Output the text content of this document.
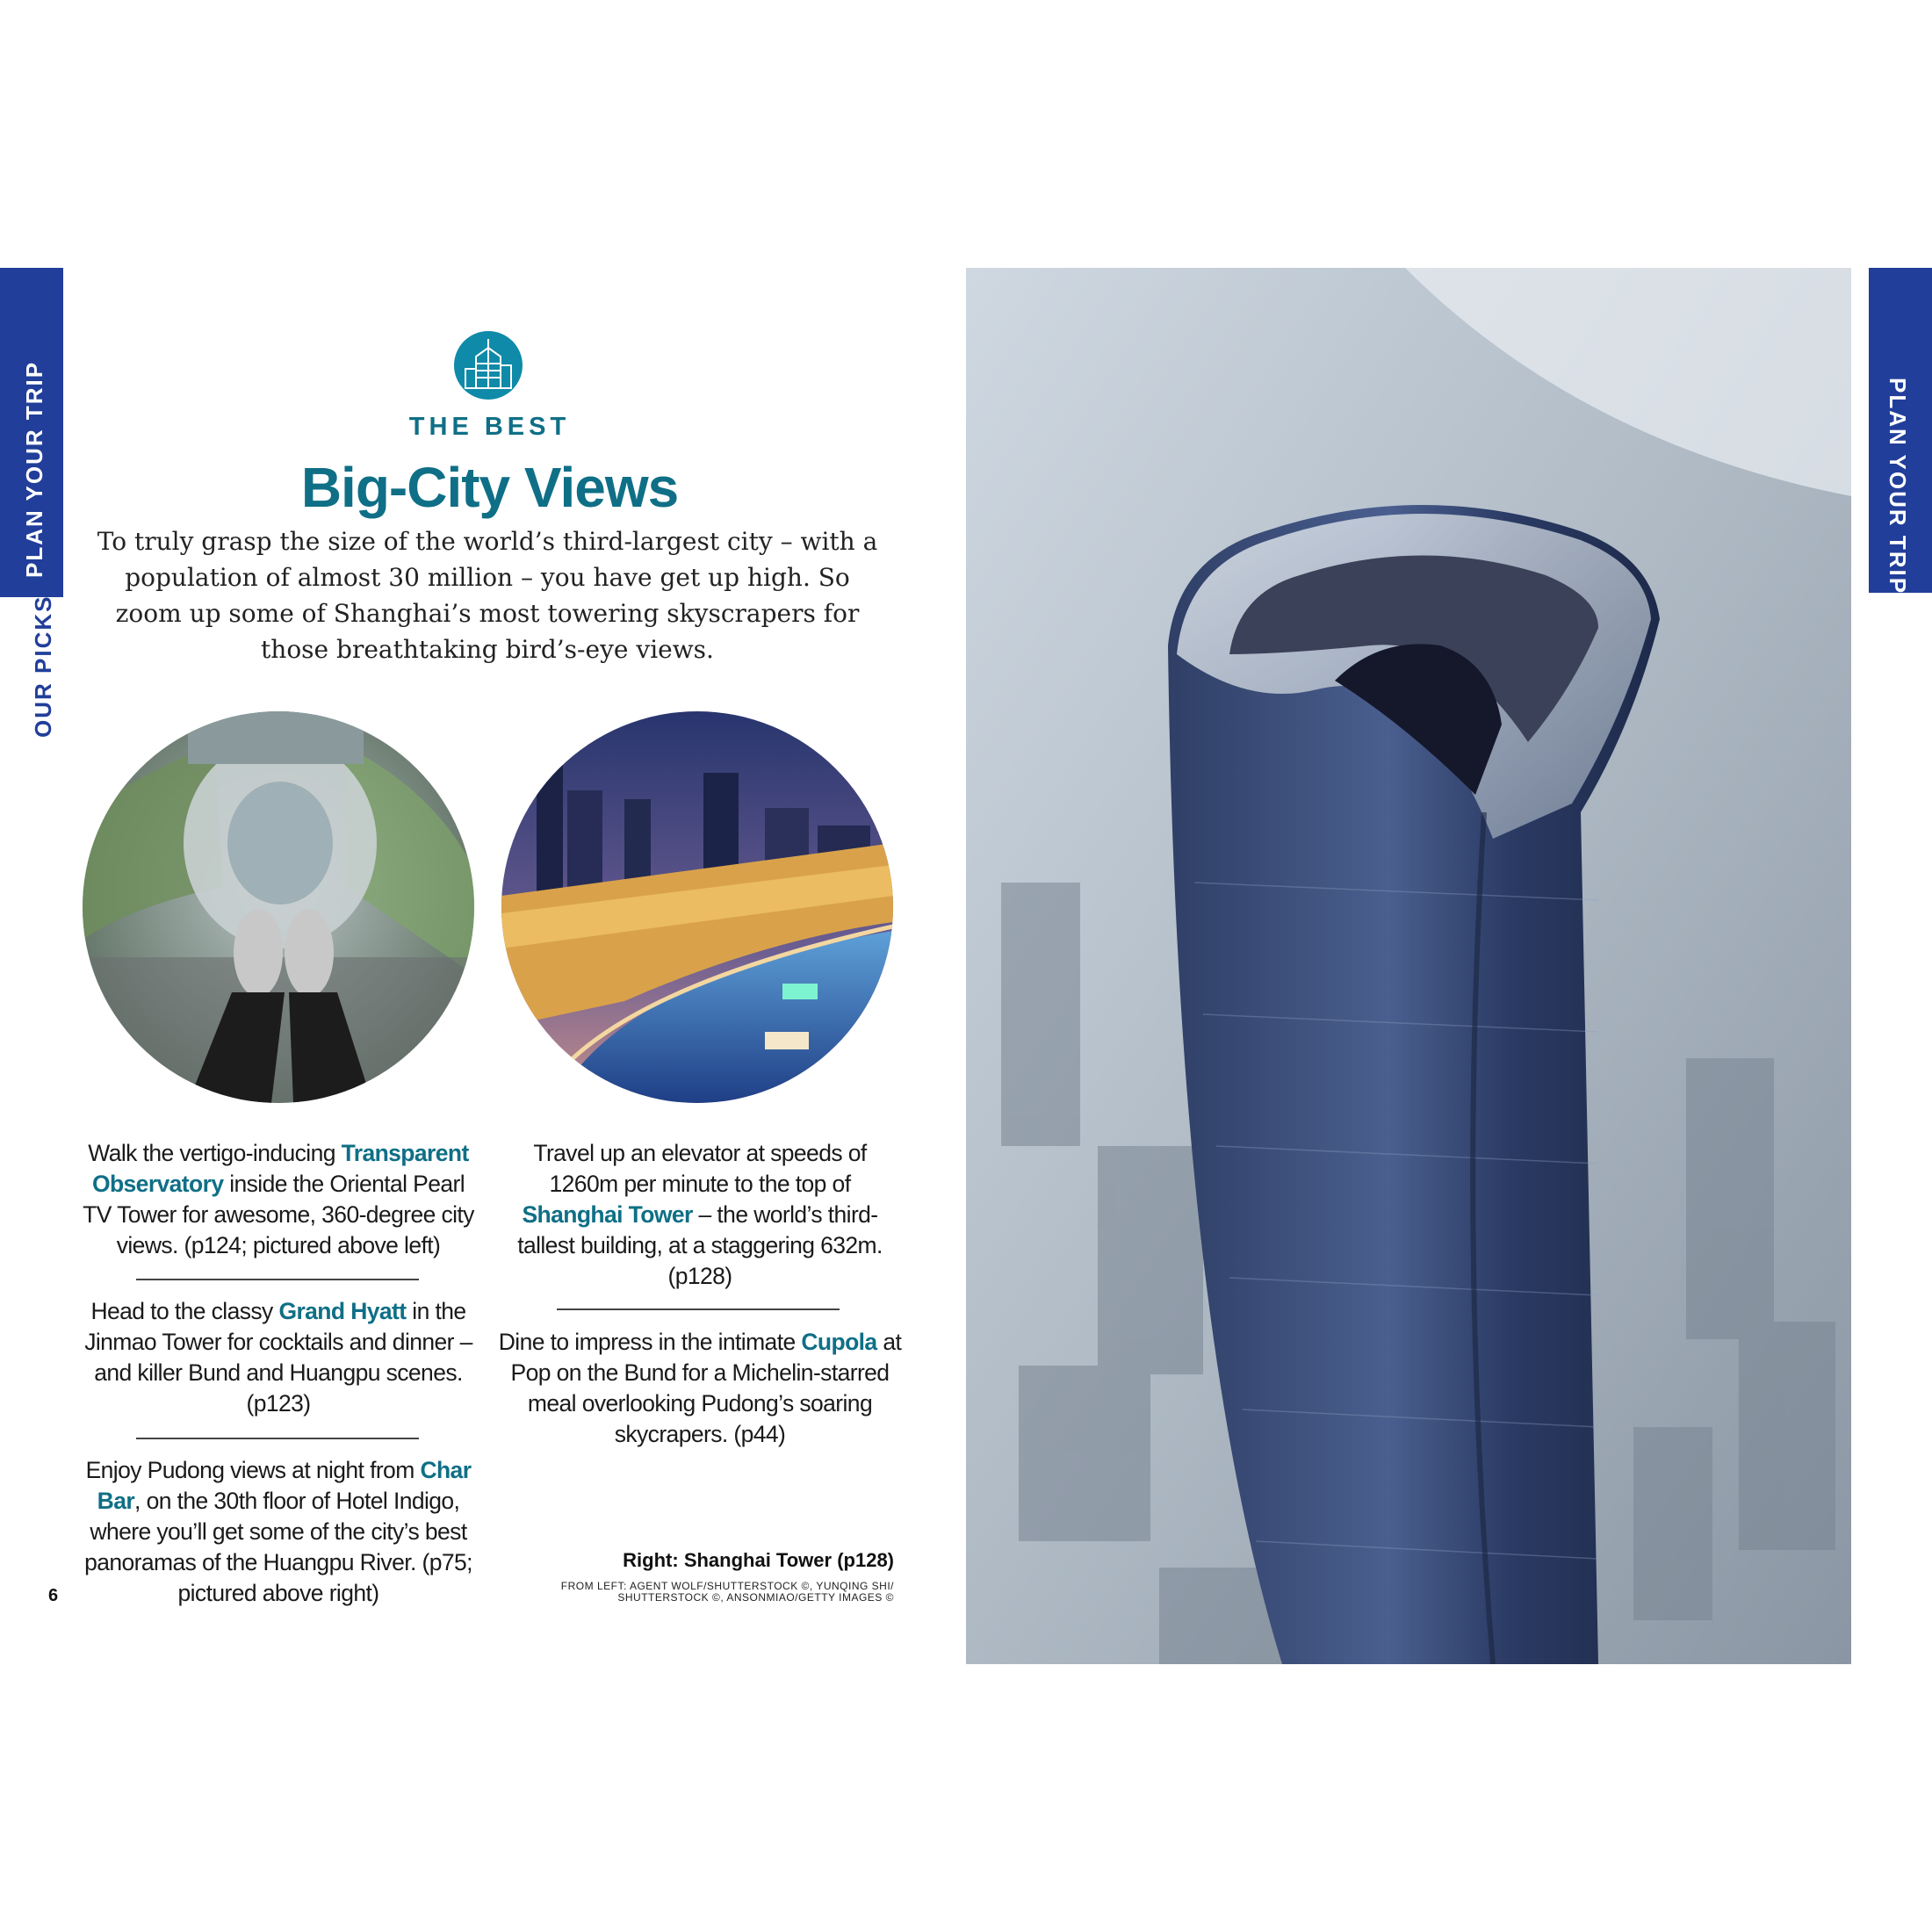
PLAN YOUR TRIP
OUR PICKS
PLAN YOUR TRIP
THE BEST
Big-City Views
To truly grasp the size of the world’s third-largest city – with a population of almost 30 million – you have get up high. So zoom up some of Shanghai’s most towering skyscrapers for those breathtaking bird’s-eye views.
Walk the vertigo-inducing Transparent Observatory inside the Oriental Pearl TV Tower for awesome, 360-degree city views. (p124; pictured above left)
Head to the classy Grand Hyatt in the Jinmao Tower for cocktails and dinner – and killer Bund and Huangpu scenes. (p123)
Enjoy Pudong views at night from Char Bar, on the 30th floor of Hotel Indigo, where you’ll get some of the city’s best panoramas of the Huangpu River. (p75; pictured above right)
Travel up an elevator at speeds of 1260m per minute to the top of Shanghai Tower – the world’s third-tallest building, at a staggering 632m. (p128)
Dine to impress in the intimate Cupola at Pop on the Bund for a Michelin-starred meal overlooking Pudong’s soaring skycrapers. (p44)
Right: Shanghai Tower (p128)
FROM LEFT: AGENT WOLF/SHUTTERSTOCK ©, YUNQING SHI/
SHUTTERSTOCK ©, ANSONMIAO/GETTY IMAGES ©
6
